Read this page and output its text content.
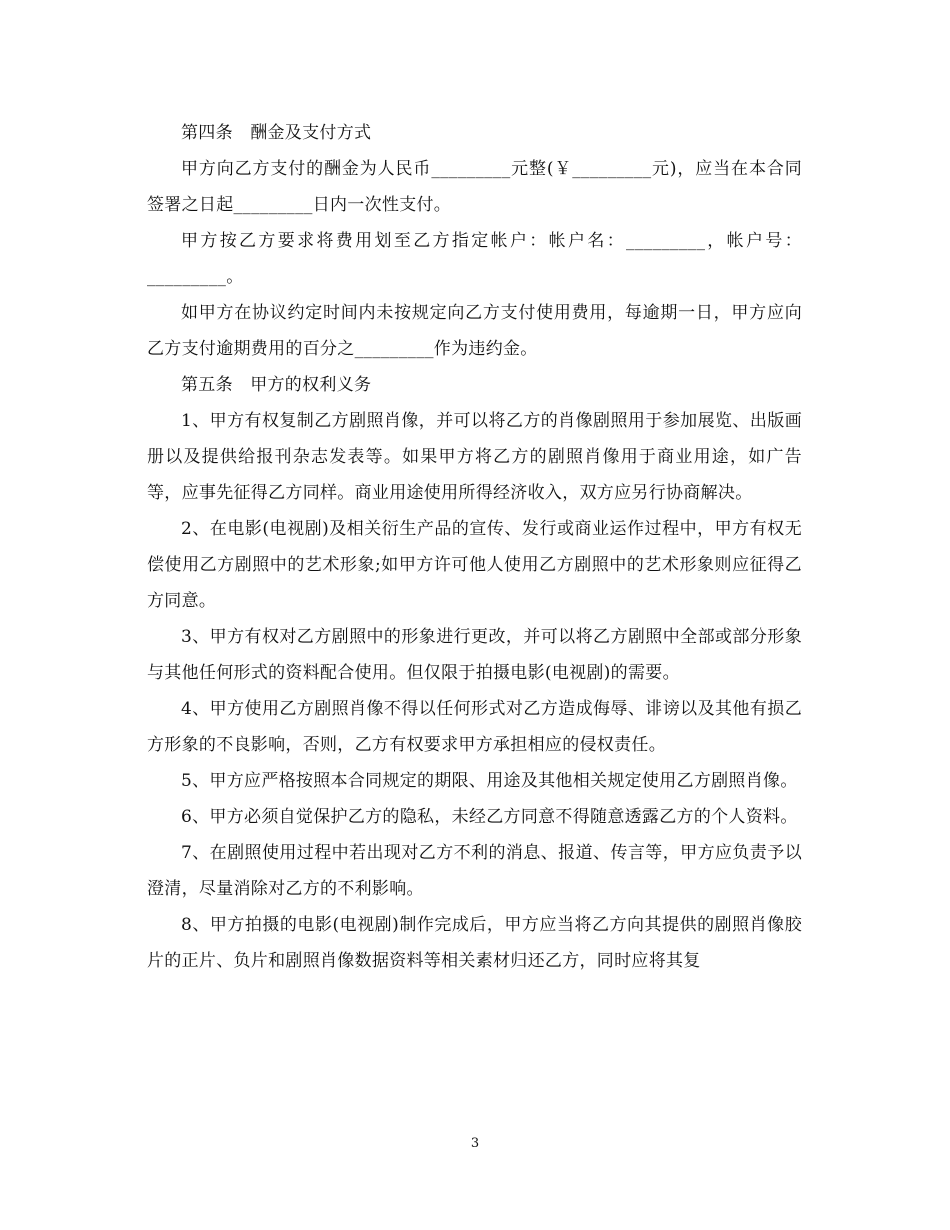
第四条　酬金及支付方式

甲方向乙方支付的酬金为人民币_________元整(￥_________元)，应当在本合同签署之日起_________日内一次性支付。

甲方按乙方要求将费用划至乙方指定帐户：帐户名：_________，帐户号：_________。

如甲方在协议约定时间内未按规定向乙方支付使用费用，每逾期一日，甲方应向乙方支付逾期费用的百分之_________作为违约金。

第五条　甲方的权利义务

1、甲方有权复制乙方剧照肖像，并可以将乙方的肖像剧照用于参加展览、出版画册以及提供给报刊杂志发表等。如果甲方将乙方的剧照肖像用于商业用途，如广告等，应事先征得乙方同样。商业用途使用所得经济收入，双方应另行协商解决。

2、在电影(电视剧)及相关衍生产品的宣传、发行或商业运作过程中，甲方有权无偿使用乙方剧照中的艺术形象;如甲方许可他人使用乙方剧照中的艺术形象则应征得乙方同意。

3、甲方有权对乙方剧照中的形象进行更改，并可以将乙方剧照中全部或部分形象与其他任何形式的资料配合使用。但仅限于拍摄电影(电视剧)的需要。

4、甲方使用乙方剧照肖像不得以任何形式对乙方造成侮辱、诽谤以及其他有损乙方形象的不良影响，否则，乙方有权要求甲方承担相应的侵权责任。

5、甲方应严格按照本合同规定的期限、用途及其他相关规定使用乙方剧照肖像。

6、甲方必须自觉保护乙方的隐私，未经乙方同意不得随意透露乙方的个人资料。

7、在剧照使用过程中若出现对乙方不利的消息、报道、传言等，甲方应负责予以澄清，尽量消除对乙方的不利影响。

8、甲方拍摄的电影(电视剧)制作完成后，甲方应当将乙方向其提供的剧照肖像胶片的正片、负片和剧照肖像数据资料等相关素材归还乙方，同时应将其复

3
